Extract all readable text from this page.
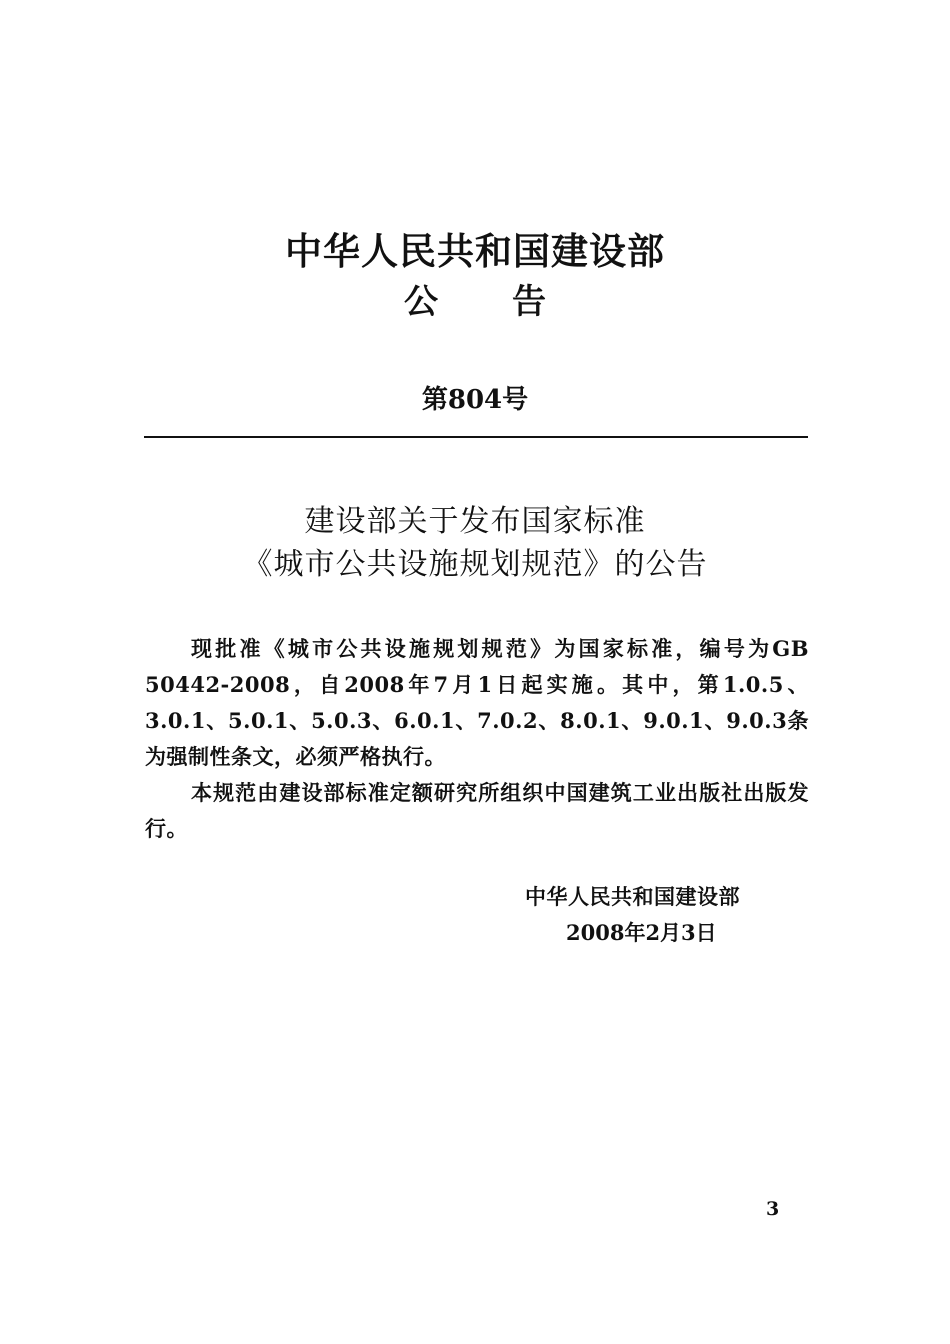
中华人民共和国建设部
公 告
第804号
建设部关于发布国家标准
《城市公共设施规划规范》的公告
现批准《城市公共设施规划规范》为国家标准，编号为GB 50442-2008，自2008年7月1日起实施。其中，第1.0.5、3.0.1、5.0.1、5.0.3、6.0.1、7.0.2、8.0.1、9.0.1、9.0.3条为强制性条文，必须严格执行。
本规范由建设部标准定额研究所组织中国建筑工业出版社出版发行。
中华人民共和国建设部
2008年2月3日
3
